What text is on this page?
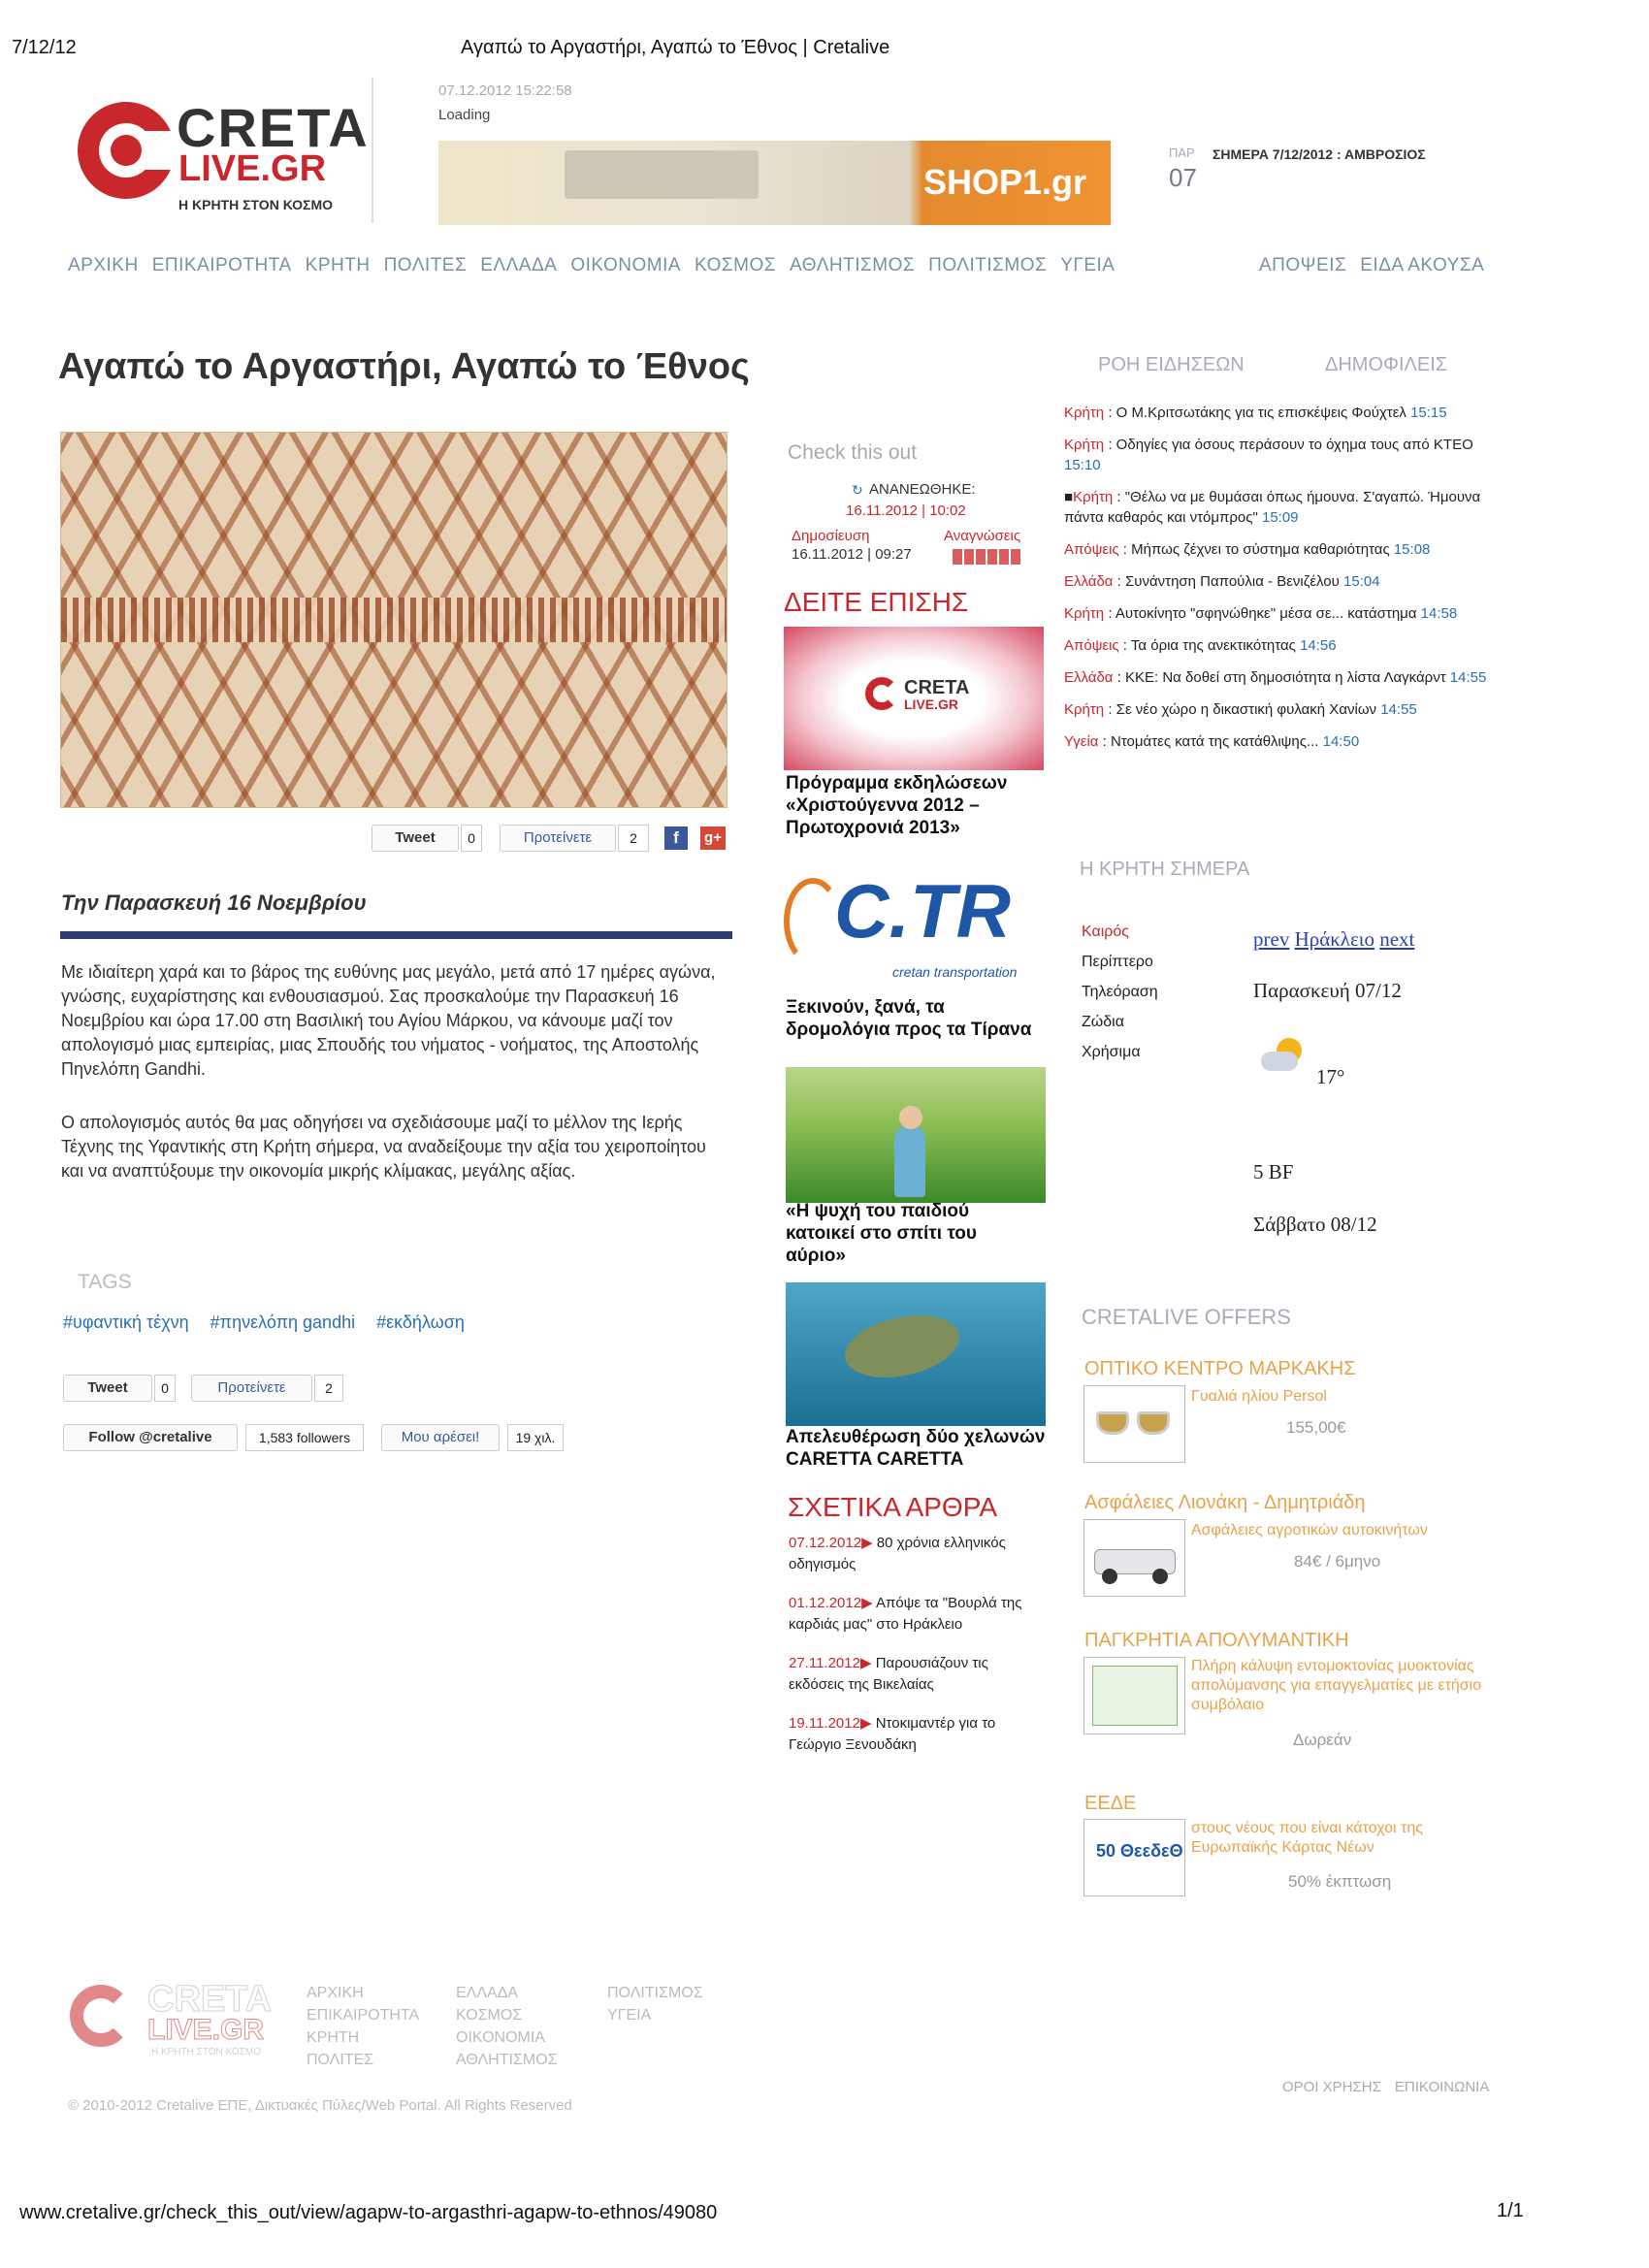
7/12/12	Αγαπώ το Αργαστήρι, Αγαπώ το Έθνος | Cretalive
CRETA
LIVE.GR
Η ΚΡΗΤΗ ΣΤΟΝ ΚΟΣΜΟ
07.12.2012 15:22:58
Loading
SHOP1.gr
ΠΑΡ
07
ΣΗΜΕΡΑ 7/12/2012 : ΑΜΒΡΟΣΙΟΣ
ΑΡΧΙΚΗ ΕΠΙΚΑΙΡΟΤΗΤΑ ΚΡΗΤΗ ΠΟΛΙΤΕΣ ΕΛΛΑΔΑ ΟΙΚΟΝΟΜΙΑ ΚΟΣΜΟΣ ΑΘΛΗΤΙΣΜΟΣ ΠΟΛΙΤΙΣΜΟΣ ΥΓΕΙΑ	ΑΠΟΨΕΙΣ ΕΙΔΑ ΑΚΟΥΣΑ
Αγαπώ το Αργαστήρι, Αγαπώ το Έθνος
Tweet	0	Προτείνετε	2	f	g+
Την Παρασκευή 16 Νοεμβρίου
Με ιδιαίτερη χαρά και το βάρος της ευθύνης μας μεγάλο, μετά από 17 ημέρες αγώνα, γνώσης, ευχαρίστησης και ενθουσιασμού. Σας προσκαλούμε την Παρασκευή 16 Νοεμβρίου και ώρα 17.00 στη Βασιλική του Αγίου Μάρκου, να κάνουμε μαζί τον απολογισμό μιας εμπειρίας, μιας Σπουδής του νήματος - νοήματος, της Αποστολής Πηνελόπη Gandhi.
Ο απολογισμός αυτός θα μας οδηγήσει να σχεδιάσουμε μαζί το μέλλον της Ιερής Τέχνης της Υφαντικής στη Κρήτη σήμερα, να αναδείξουμε την αξία του χειροποίητου και να αναπτύξουμε την οικονομία μικρής κλίμακας, μεγάλης αξίας.
TAGS
#υφαντική τέχνη #πηνελόπη gandhi #εκδήλωση
Tweet	0	Προτείνετε	2
Follow @cretalive	1,583 followers	Μου αρέσει!	19 χιλ.
Check this out
↻ ΑΝΑΝΕΩΘΗΚΕ:
16.11.2012 | 10:02
Δημοσίευση	Αναγνώσεις
16.11.2012 | 09:27
ΔΕΙΤΕ ΕΠΙΣΗΣ
CRETA
LIVE.GR
Πρόγραμμα εκδηλώσεων «Χριστούγεννα 2012 – Πρωτοχρονιά 2013»
C.TR
cretan transportation
Ξεκινούν, ξανά, τα δρομολόγια προς τα Τίρανα
«Η ψυχή του παιδιού κατοικεί στο σπίτι του αύριο»
Απελευθέρωση δύο χελωνών CARETTA CARETTA
ΣΧΕΤΙΚΑ ΑΡΘΡΑ
07.12.2012▶ 80 χρόνια ελληνικός οδηγισμός
01.12.2012▶ Απόψε τα "Βουρλά της καρδιάς μας" στο Ηράκλειο
27.11.2012▶ Παρουσιάζουν τις εκδόσεις της Βικελαίας
19.11.2012▶ Ντοκιμαντέρ για το Γεώργιο Ξενουδάκη
ΡΟΗ ΕΙΔΗΣΕΩΝ	ΔΗΜΟΦΙΛΕΙΣ
Κρήτη : Ο Μ.Κριτσωτάκης για τις επισκέψεις Φούχτελ 15:15
Κρήτη : Οδηγίες για όσους περάσουν το όχημα τους από ΚΤΕΟ 15:10
■Κρήτη : "Θέλω να με θυμάσαι όπως ήμουνα. Σ'αγαπώ. Ήμουνα πάντα καθαρός και ντόμπρος" 15:09
Απόψεις : Μήπως ζέχνει το σύστημα καθαριότητας 15:08
Ελλάδα : Συνάντηση Παπούλια - Βενιζέλου 15:04
Κρήτη : Αυτοκίνητο "σφηνώθηκε" μέσα σε... κατάστημα 14:58
Απόψεις : Τα όρια της ανεκτικότητας 14:56
Ελλάδα : ΚΚΕ: Να δοθεί στη δημοσιότητα η λίστα Λαγκάρντ 14:55
Κρήτη : Σε νέο χώρο η δικαστική φυλακή Χανίων 14:55
Υγεία : Ντομάτες κατά της κατάθλιψης... 14:50
Η ΚΡΗΤΗ ΣΗΜΕΡΑ
Καιρός
Περίπτερο
Τηλεόραση
Ζώδια
Χρήσιμα
prev Ηράκλειο next
Παρασκευή 07/12
17°
5 BF
Σάββατο 08/12
CRETALIVE OFFERS
ΟΠΤΙΚΟ ΚΕΝΤΡΟ ΜΑΡΚΑΚΗΣ
Γυαλιά ηλίου Persol
155,00€
Ασφάλειες Λιονάκη - Δημητριάδη
Ασφάλειες αγροτικών αυτοκινήτων
84€ / 6μηνο
ΠΑΓΚΡΗΤΙΑ ΑΠΟΛΥΜΑΝΤΙΚΗ
Πλήρη κάλυψη εντομοκτονίας μυοκτονίας απολύμανσης για επαγγελματίες με ετήσιο συμβόλαιο
Δωρεάν
ΕΕΔΕ
50 ΘεεδεΘ
στους νέους που είναι κάτοχοι της Ευρωπαϊκής Κάρτας Νέων
50% έκπτωση
CRETA
LIVE.GR
Η ΚΡΗΤΗ ΣΤΟΝ ΚΟΣΜΟ
ΑΡΧΙΚΗ
ΕΠΙΚΑΙΡΟΤΗΤΑ
ΚΡΗΤΗ
ΠΟΛΙΤΕΣ
ΕΛΛΑΔΑ
ΚΟΣΜΟΣ
ΟΙΚΟΝΟΜΙΑ
ΑΘΛΗΤΙΣΜΟΣ
ΠΟΛΙΤΙΣΜΟΣ
ΥΓΕΙΑ
ΟΡΟΙ ΧΡΗΣΗΣ ΕΠΙΚΟΙΝΩΝΙΑ
© 2010-2012 Cretalive ΕΠΕ, Δικτυακές Πύλες/Web Portal. All Rights Reserved
www.cretalive.gr/check_this_out/view/agapw-to-argasthri-agapw-to-ethnos/49080	1/1
